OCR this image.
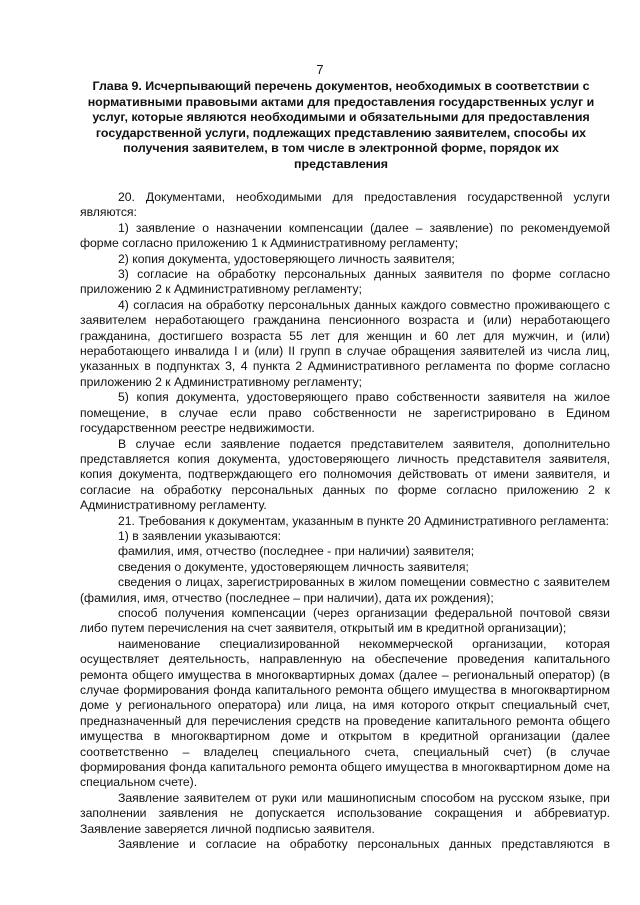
7
Глава 9. Исчерпывающий перечень документов, необходимых в соответствии с нормативными правовыми актами для предоставления государственных услуг и услуг, которые являются необходимыми и обязательными для предоставления государственной услуги, подлежащих представлению заявителем, способы их получения заявителем, в том числе в электронной форме, порядок их представления

20. Документами, необходимыми для предоставления государственной услуги являются:

1) заявление о назначении компенсации (далее – заявление) по рекомендуемой форме согласно приложению 1 к Административному регламенту;

2) копия документа, удостоверяющего личность заявителя;

3) согласие на обработку персональных данных заявителя по форме согласно приложению 2 к Административному регламенту;

4) согласия на обработку персональных данных каждого совместно проживающего с заявителем неработающего гражданина пенсионного возраста и (или) неработающего гражданина, достигшего возраста 55 лет для женщин и 60 лет для мужчин, и (или) неработающего инвалида I и (или) II групп в случае обращения заявителей из числа лиц, указанных в подпунктах 3, 4 пункта 2 Административного регламента по форме согласно приложению 2 к Административному регламенту;

5) копия документа, удостоверяющего право собственности заявителя на жилое помещение, в случае если право собственности не зарегистрировано в Едином государственном реестре недвижимости.

В случае если заявление подается представителем заявителя, дополнительно представляется копия документа, удостоверяющего личность представителя заявителя, копия документа, подтверждающего его полномочия действовать от имени заявителя, и согласие на обработку персональных данных по форме согласно приложению 2 к Административному регламенту.

21. Требования к документам, указанным в пункте 20 Административного регламента:

1) в заявлении указываются:

фамилия, имя, отчество (последнее - при наличии) заявителя;

сведения о документе, удостоверяющем личность заявителя;

сведения о лицах, зарегистрированных в жилом помещении совместно с заявителем (фамилия, имя, отчество (последнее – при наличии), дата их рождения);

способ получения компенсации (через организации федеральной почтовой связи либо путем перечисления на счет заявителя, открытый им в кредитной организации);

наименование специализированной некоммерческой организации, которая осуществляет деятельность, направленную на обеспечение проведения капитального ремонта общего имущества в многоквартирных домах (далее – региональный оператор) (в случае формирования фонда капитального ремонта общего имущества в многоквартирном доме у регионального оператора) или лица, на имя которого открыт специальный счет, предназначенный для перечисления средств на проведение капитального ремонта общего имущества в многоквартирном доме и открытом в кредитной организации (далее соответственно – владелец специального счета, специальный счет) (в случае формирования фонда капитального ремонта общего имущества в многоквартирном доме на специальном счете).

Заявление заявителем от руки или машинописным способом на русском языке, при заполнении заявления не допускается использование сокращения и аббревиатур. Заявление заверяется личной подписью заявителя.

Заявление и согласие на обработку персональных данных представляются в
